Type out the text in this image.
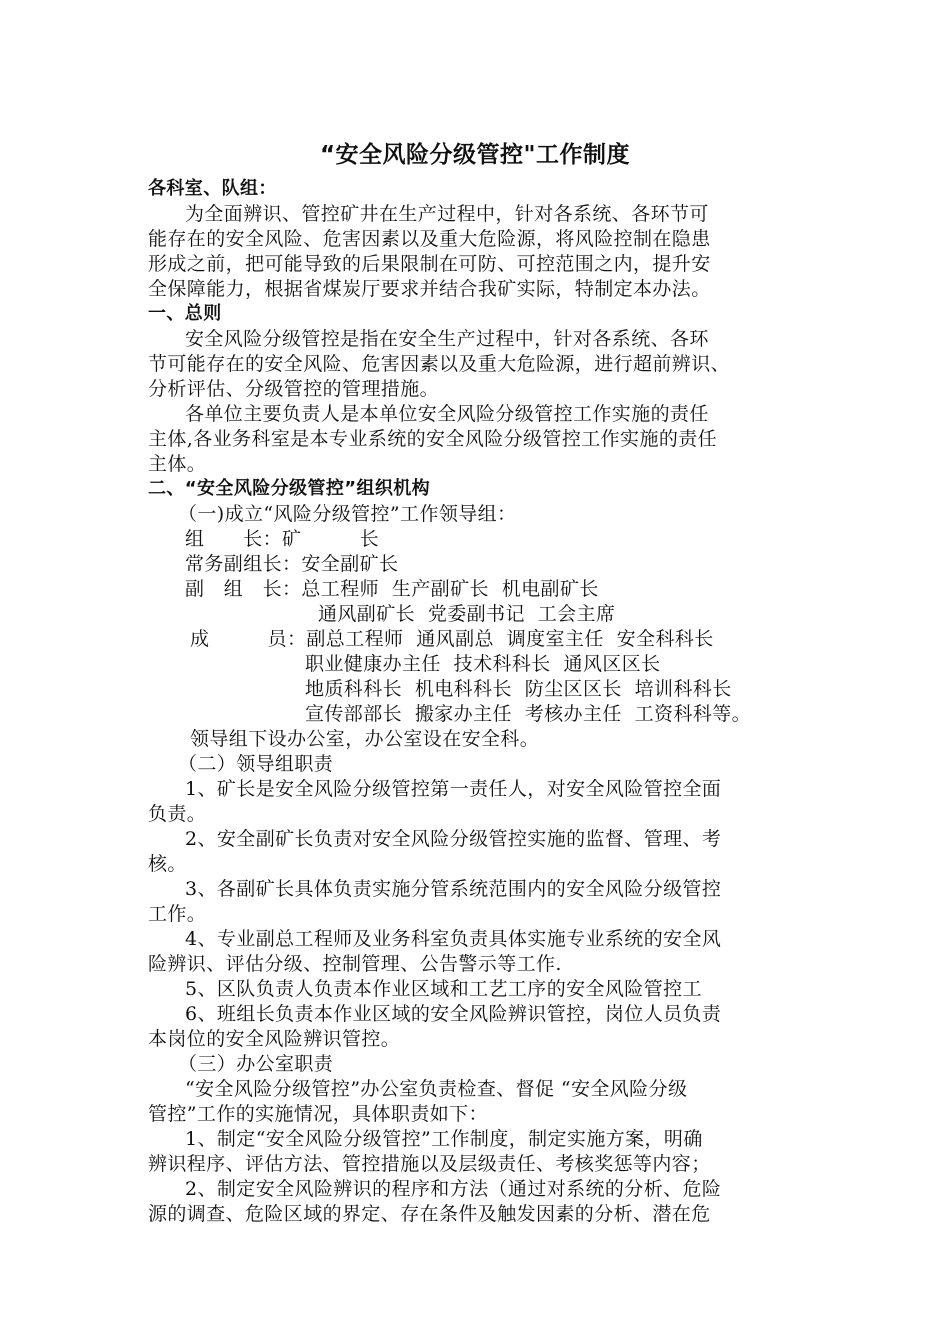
“安全风险分级管控"工作制度

各科室、队组：

为全面辨识、管控矿井在生产过程中，针对各系统、各环节可

能存在的安全风险、危害因素以及重大危险源，将风险控制在隐患

形成之前，把可能导致的后果限制在可防、可控范围之内，提升安

全保障能力，根据省煤炭厅要求并结合我矿实际，特制定本办法。

一、总则

安全风险分级管控是指在安全生产过程中，针对各系统、各环

节可能存在的安全风险、危害因素以及重大危险源，进行超前辨识、

分析评估、分级管控的管理措施。

各单位主要负责人是本单位安全风险分级管控工作实施的责任

主体,各业务科室是本专业系统的安全风险分级管控工作实施的责任

主体。

二、“安全风险分级管控”组织机构

（一)成立“风险分级管控”工作领导组：

组　　长：矿　　　长

常务副组长：安全副矿长

副　组　长：总工程师  生产副矿长  机电副矿长

通风副矿长  党委副书记  工会主席

成　　　员：副总工程师  通风副总  调度室主任  安全科科长

职业健康办主任  技术科科长  通风区区长

地质科科长  机电科科长  防尘区区长  培训科科长

宣传部部长  搬家办主任  考核办主任  工资科科等。

领导组下设办公室，办公室设在安全科。

（二）领导组职责

1、矿长是安全风险分级管控第一责任人，对安全风险管控全面

负责。

2、安全副矿长负责对安全风险分级管控实施的监督、管理、考

核。

3、各副矿长具体负责实施分管系统范围内的安全风险分级管控

工作。

4、专业副总工程师及业务科室负责具体实施专业系统的安全风

险辨识、评估分级、控制管理、公告警示等工作.

5、区队负责人负责本作业区域和工艺工序的安全风险管控工

6、班组长负责本作业区域的安全风险辨识管控，岗位人员负责

本岗位的安全风险辨识管控。

（三）办公室职责

“安全风险分级管控”办公室负责检查、督促 “安全风险分级

管控”工作的实施情况，具体职责如下：

1、制定“安全风险分级管控”工作制度，制定实施方案，明确

辨识程序、评估方法、管控措施以及层级责任、考核奖惩等内容；

2、制定安全风险辨识的程序和方法（通过对系统的分析、危险

源的调查、危险区域的界定、存在条件及触发因素的分析、潜在危
